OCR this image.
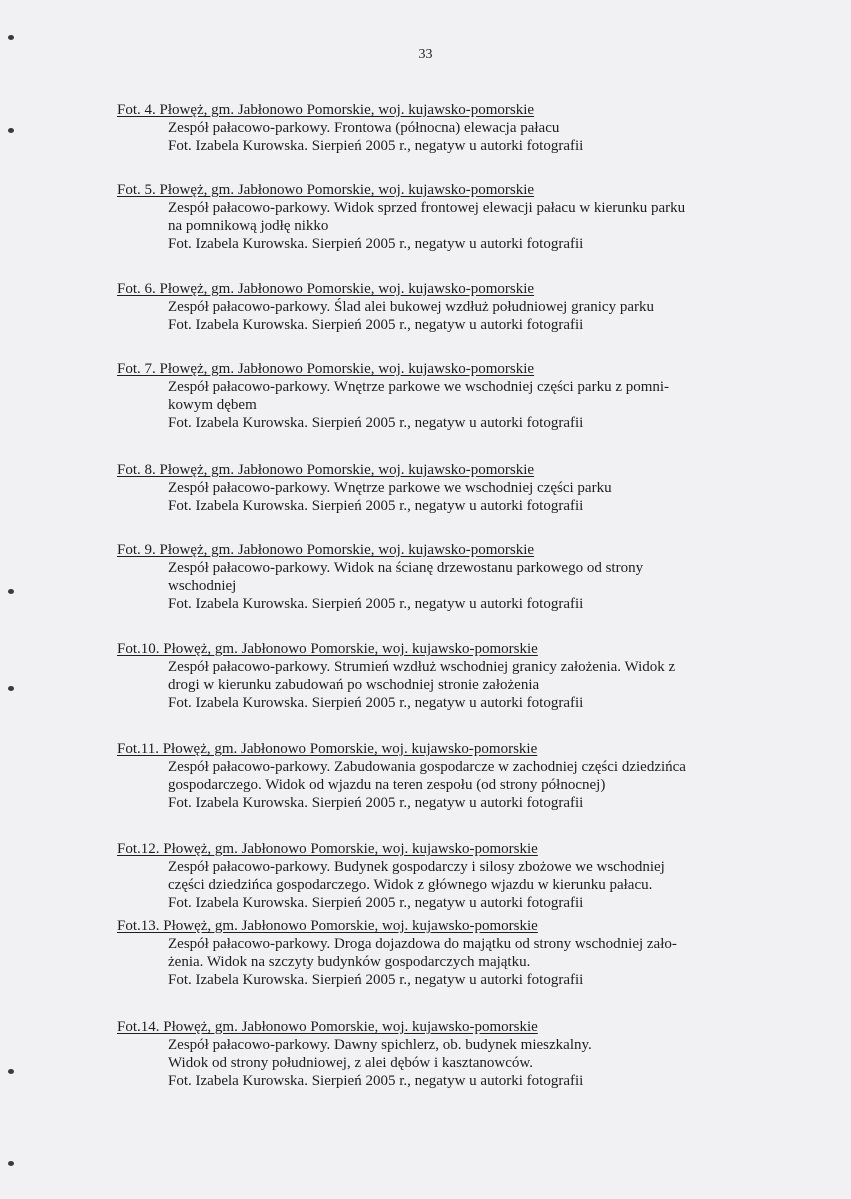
33
Fot. 4. Płowęż, gm. Jabłonowo Pomorskie, woj. kujawsko-pomorskie
Zespół pałacowo-parkowy. Frontowa (północna) elewacja pałacu
Fot. Izabela Kurowska. Sierpień 2005 r., negatyw u autorki fotografii
Fot. 5. Płowęż, gm. Jabłonowo Pomorskie, woj. kujawsko-pomorskie
Zespół pałacowo-parkowy. Widok sprzed frontowej elewacji pałacu w kierunku parku
na pomnikową jodłę nikko
Fot. Izabela Kurowska. Sierpień 2005 r., negatyw u autorki fotografii
Fot. 6. Płowęż, gm. Jabłonowo Pomorskie, woj. kujawsko-pomorskie
Zespół pałacowo-parkowy. Ślad alei bukowej wzdłuż południowej granicy parku
Fot. Izabela Kurowska. Sierpień 2005 r., negatyw u autorki fotografii
Fot. 7. Płowęż, gm. Jabłonowo Pomorskie, woj. kujawsko-pomorskie
Zespół pałacowo-parkowy. Wnętrze parkowe we wschodniej części parku z pomni-
kowym dębem
Fot. Izabela Kurowska. Sierpień 2005 r., negatyw u autorki fotografii
Fot. 8. Płowęż, gm. Jabłonowo Pomorskie, woj. kujawsko-pomorskie
Zespół pałacowo-parkowy. Wnętrze parkowe we wschodniej części parku
Fot. Izabela Kurowska. Sierpień 2005 r., negatyw u autorki fotografii
Fot. 9. Płowęż, gm. Jabłonowo Pomorskie, woj. kujawsko-pomorskie
Zespół pałacowo-parkowy. Widok na ścianę drzewostanu parkowego od strony
wschodniej
Fot. Izabela Kurowska. Sierpień 2005 r., negatyw u autorki fotografii
Fot.10. Płowęż, gm. Jabłonowo Pomorskie, woj. kujawsko-pomorskie
Zespół pałacowo-parkowy. Strumień wzdłuż wschodniej granicy założenia. Widok z
drogi w kierunku zabudowań po wschodniej stronie założenia
Fot. Izabela Kurowska. Sierpień 2005 r., negatyw u autorki fotografii
Fot.11. Płowęż, gm. Jabłonowo Pomorskie, woj. kujawsko-pomorskie
Zespół pałacowo-parkowy. Zabudowania gospodarcze w zachodniej części dziedzińca
gospodarczego. Widok od wjazdu na teren zespołu (od strony północnej)
Fot. Izabela Kurowska. Sierpień 2005 r., negatyw u autorki fotografii
Fot.12. Płowęż, gm. Jabłonowo Pomorskie, woj. kujawsko-pomorskie
Zespół pałacowo-parkowy. Budynek gospodarczy i silosy zbożowe we wschodniej
części dziedzińca gospodarczego. Widok z głównego wjazdu w kierunku pałacu.
Fot. Izabela Kurowska. Sierpień 2005 r., negatyw u autorki fotografii
Fot.13. Płowęż, gm. Jabłonowo Pomorskie, woj. kujawsko-pomorskie
Zespół pałacowo-parkowy. Droga dojazdowa do majątku od strony wschodniej zało-
żenia. Widok na szczyty budynków gospodarczych majątku.
Fot. Izabela Kurowska. Sierpień 2005 r., negatyw u autorki fotografii
Fot.14. Płowęż, gm. Jabłonowo Pomorskie, woj. kujawsko-pomorskie
Zespół pałacowo-parkowy. Dawny spichlerz, ob. budynek mieszkalny.
Widok od strony południowej, z alei dębów i kasztanowców.
Fot. Izabela Kurowska. Sierpień 2005 r., negatyw u autorki fotografii
